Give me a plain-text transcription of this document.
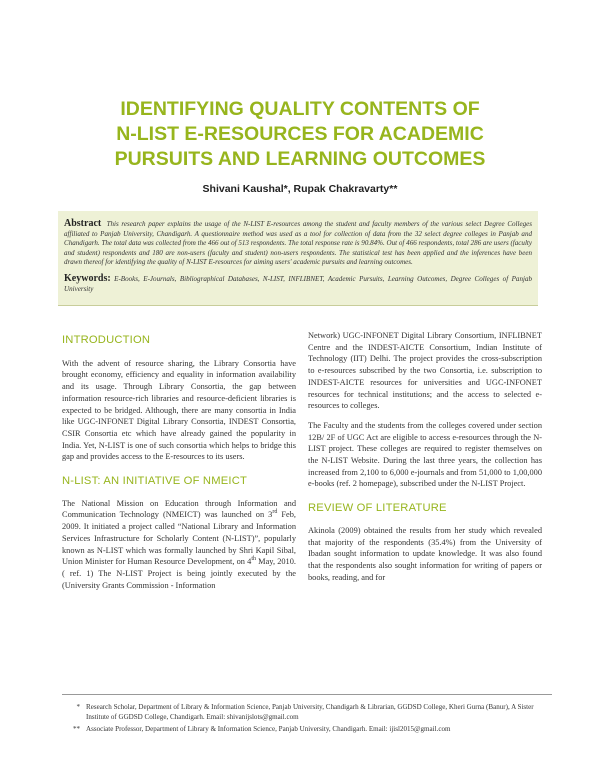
IDENTIFYING QUALITY CONTENTS OF
N-LIST E-RESOURCES FOR ACADEMIC
PURSUITS AND LEARNING OUTCOMES
Shivani Kaushal*, Rupak Chakravarty**
Abstract This research paper explains the usage of the N-LIST E-resources among the student and faculty members of the various select Degree Colleges affiliated to Panjab University, Chandigarh. A questionnaire method was used as a tool for collection of data from the 32 select degree colleges in Panjab and Chandigarh. The total data was collected from the 466 out of 513 respondents. The total response rate is 90.84%. Out of 466 respondents, total 286 are users (faculty and student) respondents and 180 are non-users (faculty and student) non-users respondents. The statistical test has been applied and the inferences have been drawn thereof for identifying the quality of N-LIST E-resources for aiming users' academic pursuits and learning outcomes.
Keywords: E-Books, E-Journals, Bibliographical Databases, N-LIST, INFLIBNET, Academic Pursuits, Learning Outcomes, Degree Colleges of Panjab University
INTRODUCTION

With the advent of resource sharing, the Library Consortia have brought economy, efficiency and equality in information availability and its usage. Through Library Consortia, the gap between information resource-rich libraries and resource-deficient libraries is expected to be bridged. Although, there are many consortia in India like UGC-INFONET Digital Library Consortia, INDEST Consortia, CSIR Consortia etc which have already gained the popularity in India. Yet, N-LIST is one of such consortia which helps to bridge this gap and provides access to the E-resources to its users.

N-LIST: AN INITIATIVE OF NMEICT

The National Mission on Education through Information and Communication Technology (NMEICT) was launched on 3rd Feb, 2009. It initiated a project called “National Library and Information Services Infrastructure for Scholarly Content (N-LIST)”, popularly known as N-LIST which was formally launched by Shri Kapil Sibal, Union Minister for Human Resource Development, on 4th May, 2010.( ref. 1) The N-LIST Project is being jointly executed by the (University Grants Commission - Information

Network) UGC-INFONET Digital Library Consortium, INFLIBNET Centre and the INDEST-AICTE Consortium, Indian Institute of Technology (IIT) Delhi. The project provides the cross-subscription to e-resources subscribed by the two Consortia, i.e. subscription to INDEST-AICTE resources for universities and UGC-INFONET resources for technical institutions; and the access to selected e-resources to colleges.

The Faculty and the students from the colleges covered under section 12B/ 2F of UGC Act are eligible to access e-resources through the N-LIST project. These colleges are required to register themselves on the N-LIST Website. During the last three years, the collection has increased from 2,100 to 6,000 e-journals and from 51,000 to 1,00,000 e-books (ref. 2 homepage), subscribed under the N-LIST Project.

REVIEW OF LITERATURE

Akinola (2009) obtained the results from her study which revealed that majority of the respondents (35.4%) from the University of Ibadan sought information to update knowledge. It was also found that the respondents also sought information for writing of papers or books, reading, and for

* Research Scholar, Department of Library & Information Science, Panjab University, Chandigarh & Librarian, GGDSD College, Kheri Gurna (Banur), A Sister Institute of GGDSD College, Chandigarh. Email: shivanijslots@gmail.com
** Associate Professor, Department of Library & Information Science, Panjab University, Chandigarh. Email: ijisl2015@gmail.com
